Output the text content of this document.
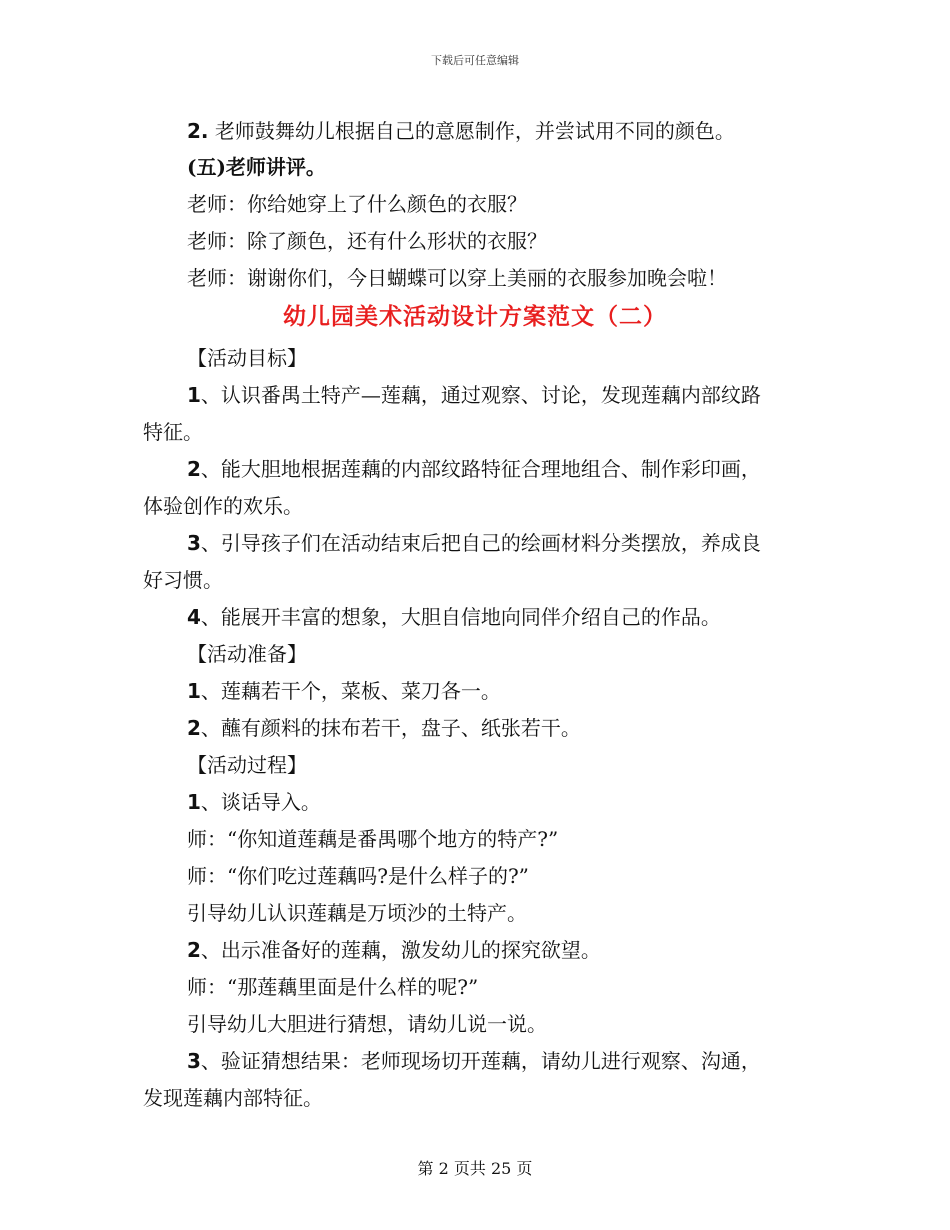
下载后可任意编辑
2. 老师鼓舞幼儿根据自己的意愿制作，并尝试用不同的颜色。
(五)老师讲评。
老师：你给她穿上了什么颜色的衣服？
老师：除了颜色，还有什么形状的衣服？
老师：谢谢你们，今日蝴蝶可以穿上美丽的衣服参加晚会啦！
幼儿园美术活动设计方案范文（二）
【活动目标】
1、认识番禺土特产—莲藕，通过观察、讨论，发现莲藕内部纹路
特征。
2、能大胆地根据莲藕的内部纹路特征合理地组合、制作彩印画，
体验创作的欢乐。
3、引导孩子们在活动结束后把自己的绘画材料分类摆放，养成良
好习惯。
4、能展开丰富的想象，大胆自信地向同伴介绍自己的作品。
【活动准备】
1、莲藕若干个，菜板、菜刀各一。
2、蘸有颜料的抹布若干，盘子、纸张若干。
【活动过程】
1、谈话导入。
师：“你知道莲藕是番禺哪个地方的特产?”
师：“你们吃过莲藕吗?是什么样子的?”
引导幼儿认识莲藕是万顷沙的土特产。
2、出示准备好的莲藕，激发幼儿的探究欲望。
师：“那莲藕里面是什么样的呢?”
引导幼儿大胆进行猜想，请幼儿说一说。
3、验证猜想结果：老师现场切开莲藕，请幼儿进行观察、沟通，
发现莲藕内部特征。
第 2 页共 25 页
